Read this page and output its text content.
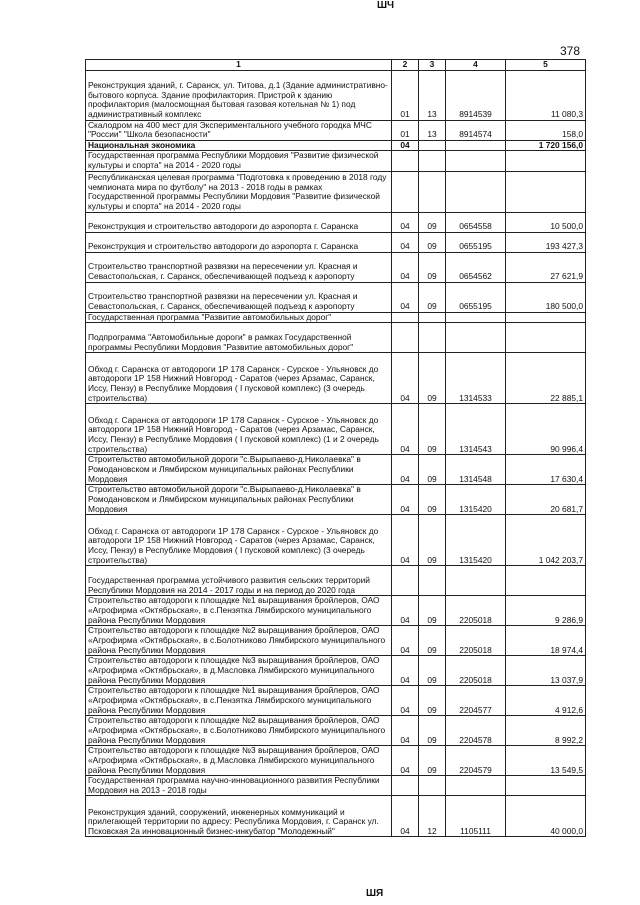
ШЧ
378
1	2	3	4	5
Реконструкция зданий, г. Саранск, ул. Титова, д.1 (Здание административно-бытового корпуса. Здание профилактория. Пристрой к зданию профилактория (малосмощная бытовая газовая котельная № 1) под административный комплекс	01	13	8914539	11 080,3
Скалодром на 400 мест для Экспериментального учебного городка МЧС "России" "Школа безопасности"	01	13	8914574	158,0
Национальная экономика	04			1 720 156,0
Государственная программа Республики Мордовия "Развитие физической культуры и спорта" на 2014 - 2020 годы				
Республиканская целевая программа "Подготовка к проведению в 2018 году чемпионата мира по футболу" на 2013 - 2018 годы в рамках Государственной программы Республики Мордовия "Развитие физической культуры и спорта" на 2014 - 2020 годы				
Реконструкция и строительство автодороги до аэропорта г. Саранска	04	09	0654558	10 500,0
Реконструкция и строительство автодороги до аэропорта г. Саранска	04	09	0655195	193 427,3
Строительство транспортной развязки на пересечении ул. Красная и Севастопольская, г. Саранск, обеспечивающей подъезд к аэропорту	04	09	0654562	27 621,9
Строительство транспортной развязки на пересечении ул. Красная и Севастопольская, г. Саранск, обеспечивающей подъезд к аэропорту	04	09	0655195	180 500,0
Государственная программа "Развитие автомобильных дорог"				
Подпрограмма "Автомобильные дороги" в рамках Государственной программы Республики Мордовия "Развитие автомобильных дорог"				
Обход г. Саранска от автодороги 1Р 178 Саранск - Сурское - Ульяновск до автодороги 1Р 158 Нижний Новгород - Саратов (через Арзамас, Саранск, Иссу, Пензу) в Республике Мордовия ( I пусковой комплекс) (3 очередь строительства)	04	09	1314533	22 885,1
Обход г. Саранска от автодороги 1Р 178 Саранск - Сурское - Ульяновск до автодороги 1Р 158 Нижний Новгород - Саратов (через Арзамас, Саранск, Иссу, Пензу) в Республике Мордовия ( I пусковой комплекс) (1 и 2 очередь строительства)	04	09	1314543	90 996,4
Строительство автомобильной дороги "с.Вырыпаево-д.Николаевка" в Ромодановском и Лямбирском муниципальных районах Республики Мордовия	04	09	1314548	17 630,4
Строительство автомобильной дороги "с.Вырыпаево-д.Николаевка" в Ромодановском и Лямбирском муниципальных районах Республики Мордовия	04	09	1315420	20 681,7
Обход г. Саранска от автодороги 1Р 178 Саранск - Сурское - Ульяновск до автодороги 1Р 158 Нижний Новгород - Саратов (через Арзамас, Саранск, Иссу, Пензу) в Республике Мордовия ( I пусковой комплекс) (3 очередь строительства)	04	09	1315420	1 042 203,7
Государственная программа устойчивого развития сельских территорий Республики Мордовия на 2014 - 2017 годы и на период до 2020 года				
Строительство автодороги к площадке №1 выращивания бройлеров, ОАО «Агрофирма «Октябрьская», в с.Пензятка Лямбирского муниципального района Республики Мордовия	04	09	2205018	9 286,9
Строительство автодороги к площадке №2 выращивания бройлеров, ОАО «Агрофирма «Октябрьская», в с.Болотниково Лямбирского муниципального района Республики Мордовия	04	09	2205018	18 974,4
Строительство автодороги к площадке №3 выращивания бройлеров, ОАО «Агрофирма «Октябрьская», в д.Масловка Лямбирского муниципального района Республики Мордовия	04	09	2205018	13 037,9
Строительство автодороги к площадке №1 выращивания бройлеров, ОАО «Агрофирма «Октябрьская», в с.Пензятка Лямбирского муниципального района Республики Мордовия	04	09	2204577	4 912,6
Строительство автодороги к площадке №2 выращивания бройлеров, ОАО «Агрофирма «Октябрьская», в с.Болотниково Лямбирского муниципального района Республики Мордовия	04	09	2204578	8 992,2
Строительство автодороги к площадке №3 выращивания бройлеров, ОАО «Агрофирма «Октябрьская», в д.Масловка Лямбирского муниципального района Республики Мордовия	04	09	2204579	13 549,5
Государственная программа научно-инновационного развития Республики Мордовия на 2013 - 2018 годы				
Реконструкция зданий, сооружений, инженерных коммуникаций и прилегающей территории по адресу: Республика Мордовия, г. Саранск ул. Псковская 2а инновационный бизнес-инкубатор "Молодежный"	04	12	1105111	40 000,0
ШЯ
